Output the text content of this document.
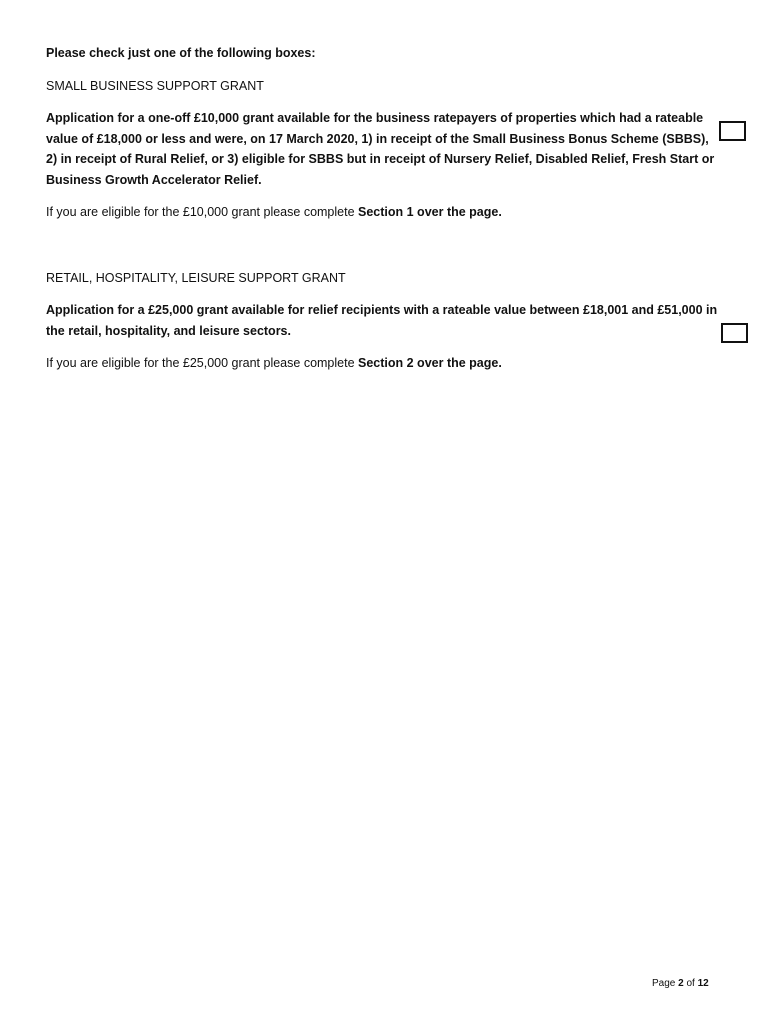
Please check just one of the following boxes:

SMALL BUSINESS SUPPORT GRANT

Application for a one-off £10,000 grant available for the business ratepayers of properties which had a rateable value of £18,000 or less and were, on 17 March 2020, 1) in receipt of the Small Business Bonus Scheme (SBBS), 2) in receipt of Rural Relief, or 3) eligible for SBBS but in receipt of Nursery Relief, Disabled Relief, Fresh Start or Business Growth Accelerator Relief.

If you are eligible for the £10,000 grant please complete Section 1 over the page.

RETAIL, HOSPITALITY, LEISURE SUPPORT GRANT

Application for a £25,000 grant available for relief recipients with a rateable value between £18,001 and £51,000 in the retail, hospitality, and leisure sectors.

If you are eligible for the £25,000 grant please complete Section 2 over the page.

Page 2 of 12
